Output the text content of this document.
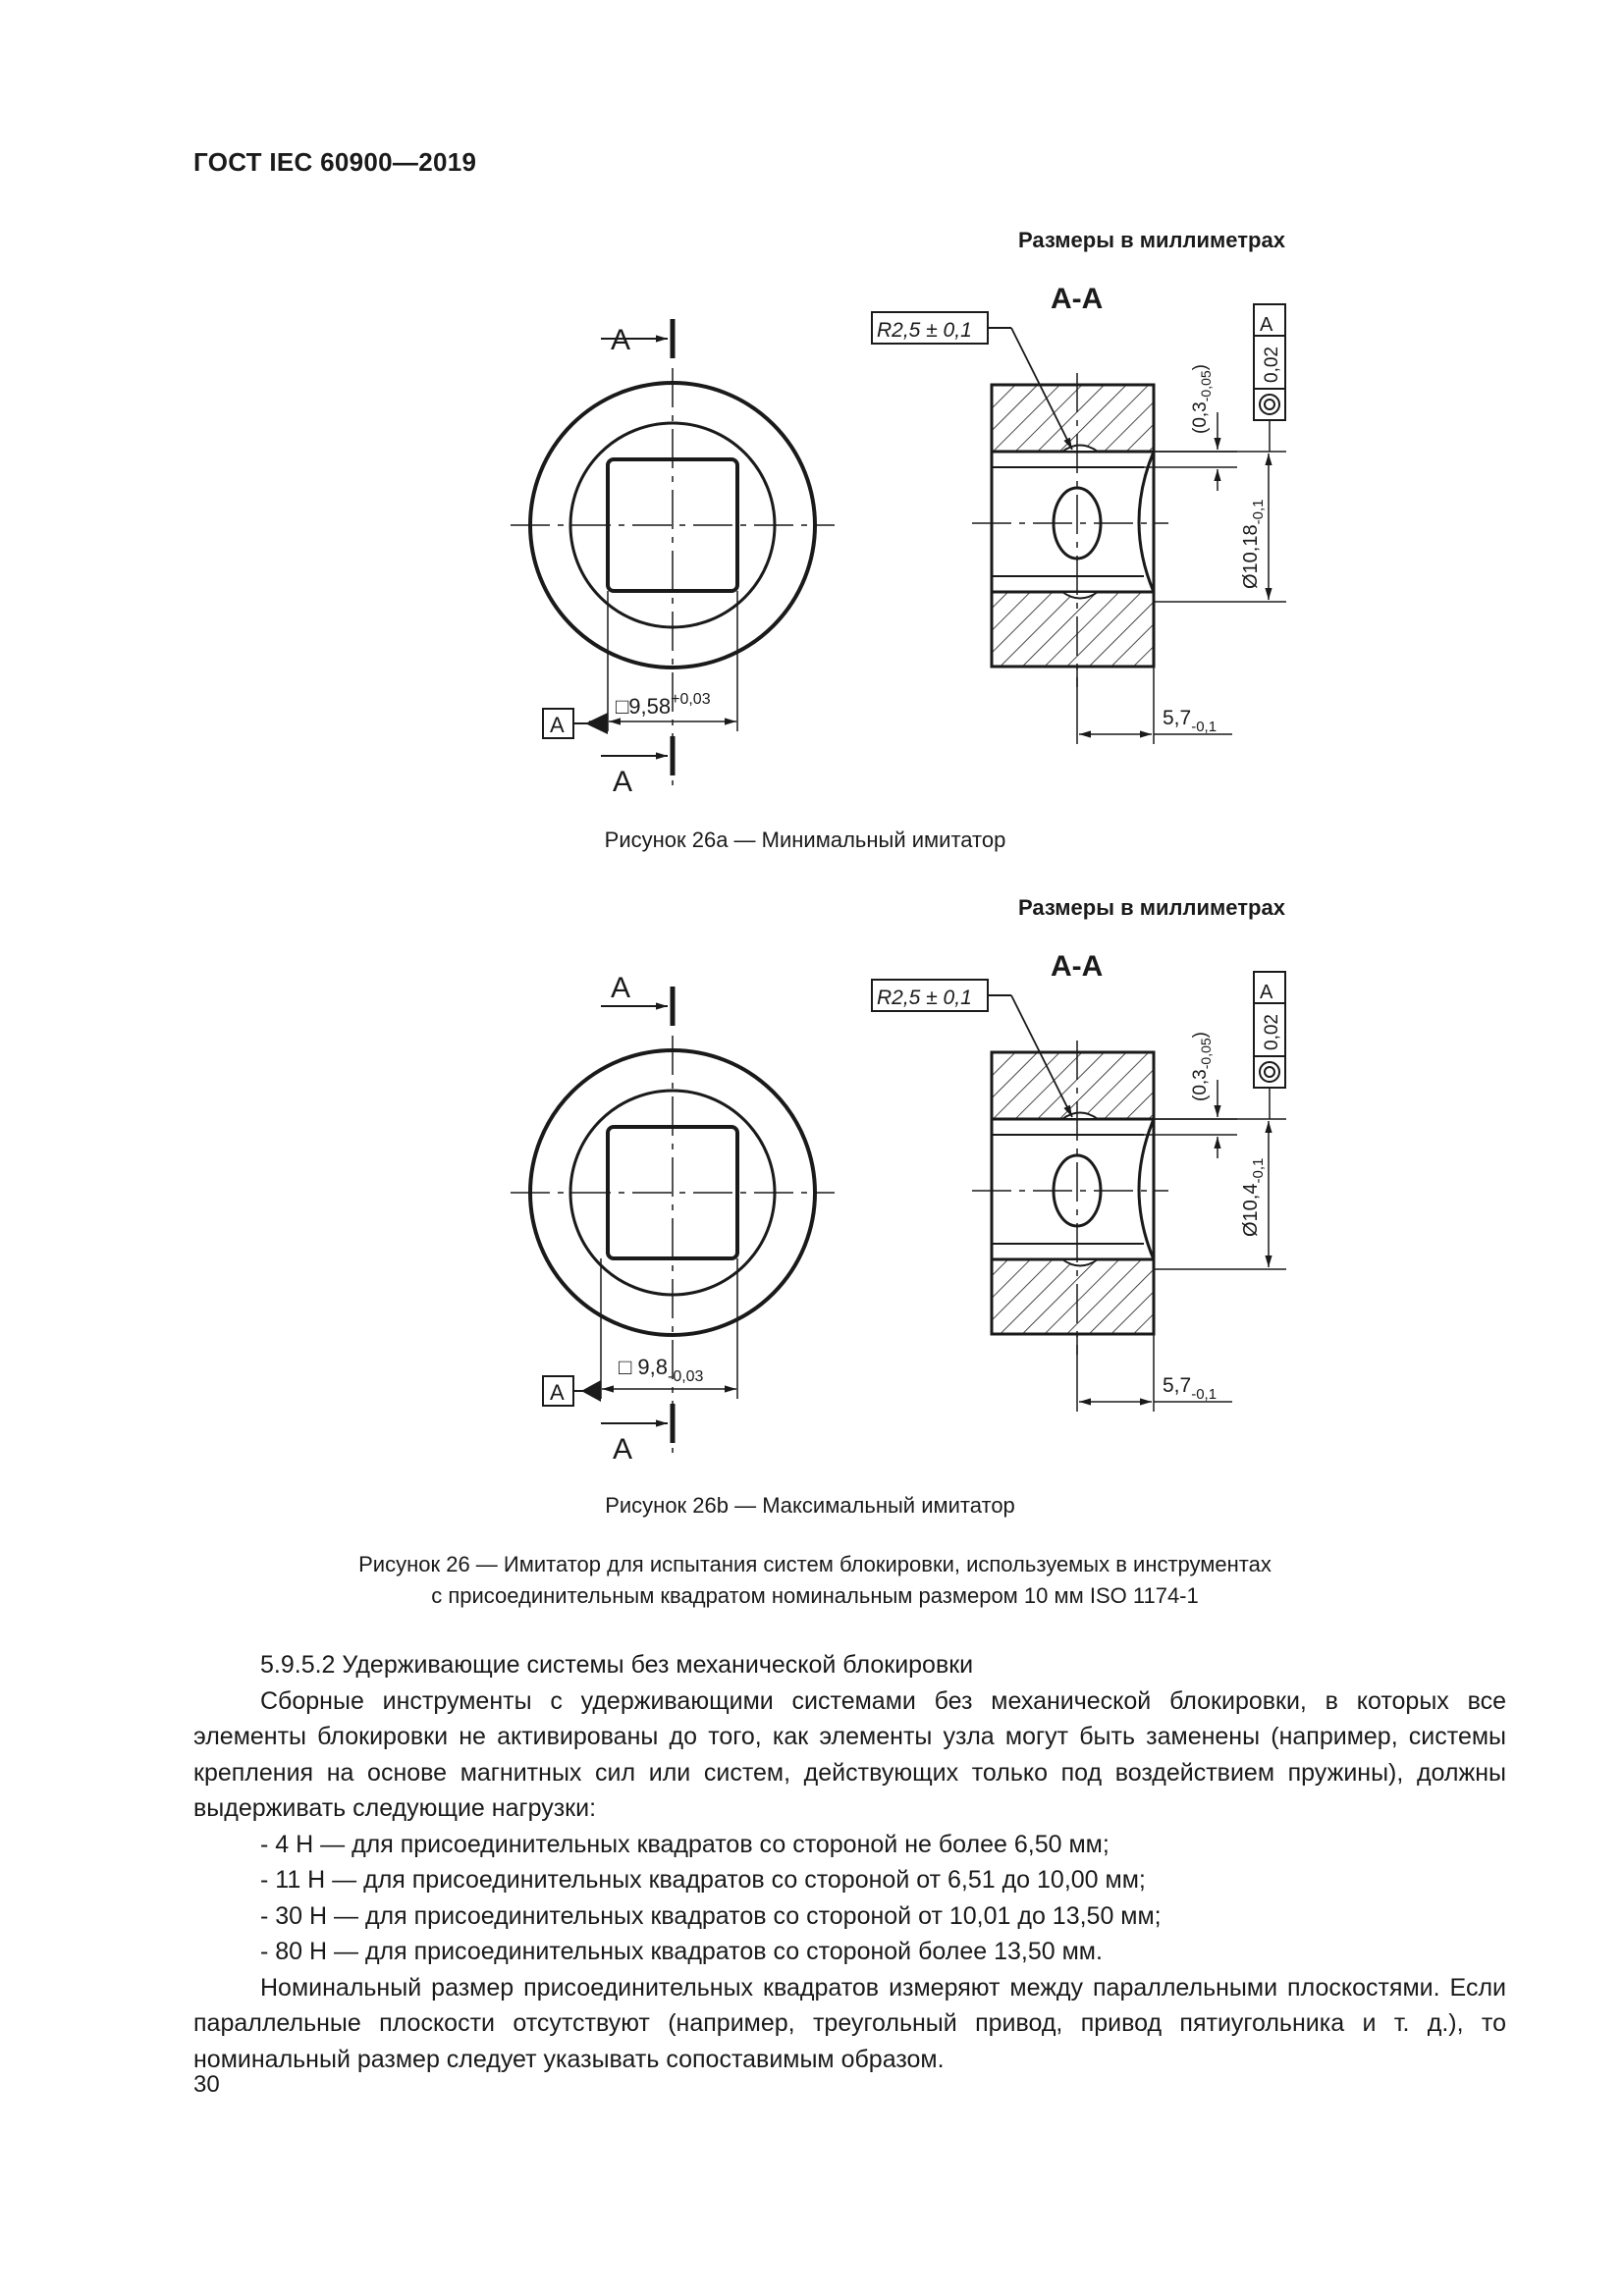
ГОСТ IEC 60900—2019
Размеры в миллиметрах
А
А
А
$□9,58^{+0,03}$
А-А
R2,5 ± 0,1
$(0,3_{-0,05})$
$Ø10,18_{-0,1}$
$5,7_{-0,1}$
А
0,02
Рисунок 26a — Минимальный имитатор
Размеры в миллиметрах
А
А
А
□ $9,8_{-0,03}$
А-А
R2,5 ± 0,1
$(0,3_{-0,05})$
$Ø10,4_{-0,1}$
$5,7_{-0,1}$
А
0,02
Рисунок 26b — Максимальный имитатор
Рисунок 26 — Имитатор для испытания систем блокировки, используемых в инструментах
с присоединительным квадратом номинальным размером 10 мм ISO 1174-1

5.9.5.2 Удерживающие системы без механической блокировки

Сборные инструменты с удерживающими системами без механической блокировки, в которых все элементы блокировки не активированы до того, как элементы узла могут быть заменены (например, системы крепления на основе магнитных сил или систем, действующих только под воздействием пружины), должны выдерживать следующие нагрузки:

- 4 Н — для присоединительных квадратов со стороной не более 6,50 мм;

- 11 Н — для присоединительных квадратов со стороной от 6,51 до 10,00 мм;

- 30 Н — для присоединительных квадратов со стороной от 10,01 до 13,50 мм;

- 80 Н — для присоединительных квадратов со стороной более 13,50 мм.

Номинальный размер присоединительных квадратов измеряют между параллельными плоскостями. Если параллельные плоскости отсутствуют (например, треугольный привод, привод пятиугольника и т. д.), то номинальный размер следует указывать сопоставимым образом.

30
